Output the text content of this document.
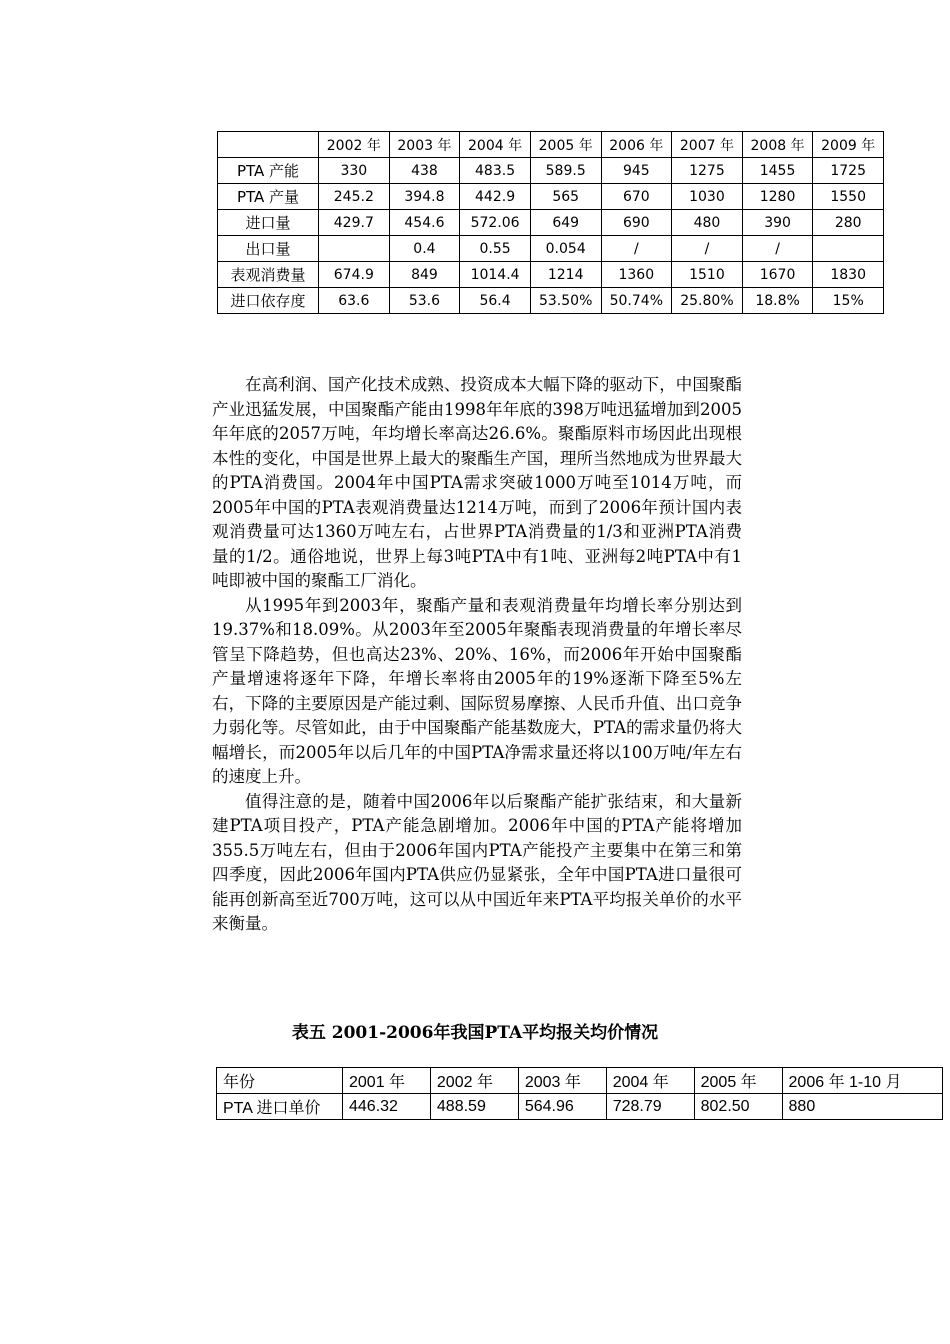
	2002 年	2003 年	2004 年	2005 年	2006 年	2007 年	2008 年	2009 年
PTA 产能	330	438	483.5	589.5	945	1275	1455	1725
PTA 产量	245.2	394.8	442.9	565	670	1030	1280	1550
进口量	429.7	454.6	572.06	649	690	480	390	280
出口量		0.4	0.55	0.054	/	/	/	
表观消费量	674.9	849	1014.4	1214	1360	1510	1670	1830
进口依存度	63.6	53.6	56.4	53.50%	50.74%	25.80%	18.8%	15%

在高利润、国产化技术成熟、投资成本大幅下降的驱动下，中国聚酯产业迅猛发展，中国聚酯产能由1998年年底的398万吨迅猛增加到2005年年底的2057万吨，年均增长率高达26.6%。聚酯原料市场因此出现根本性的变化，中国是世界上最大的聚酯生产国，理所当然地成为世界最大的PTA消费国。2004年中国PTA需求突破1000万吨至1014万吨，而2005年中国的PTA表观消费量达1214万吨，而到了2006年预计国内表观消费量可达1360万吨左右，占世界PTA消费量的1/3和亚洲PTA消费量的1/2。通俗地说，世界上每3吨PTA中有1吨、亚洲每2吨PTA中有1吨即被中国的聚酯工厂消化。

从1995年到2003年，聚酯产量和表观消费量年均增长率分别达到19.37%和18.09%。从2003年至2005年聚酯表现消费量的年增长率尽管呈下降趋势，但也高达23%、20%、16%，而2006年开始中国聚酯产量增速将逐年下降，年增长率将由2005年的19%逐渐下降至5%左右，下降的主要原因是产能过剩、国际贸易摩擦、人民币升值、出口竞争力弱化等。尽管如此，由于中国聚酯产能基数庞大，PTA的需求量仍将大幅增长，而2005年以后几年的中国PTA净需求量还将以100万吨/年左右的速度上升。

值得注意的是，随着中国2006年以后聚酯产能扩张结束，和大量新建PTA项目投产，PTA产能急剧增加。2006年中国的PTA产能将增加355.5万吨左右，但由于2006年国内PTA产能投产主要集中在第三和第四季度，因此2006年国内PTA供应仍显紧张，全年中国PTA进口量很可能再创新高至近700万吨，这可以从中国近年来PTA平均报关单价的水平来衡量。

表五 2001-2006年我国PTA平均报关均价情况
年份	2001 年	2002 年	2003 年	2004 年	2005 年	2006 年 1-10 月
PTA 进口单价	446.32	488.59	564.96	728.79	802.50	880
